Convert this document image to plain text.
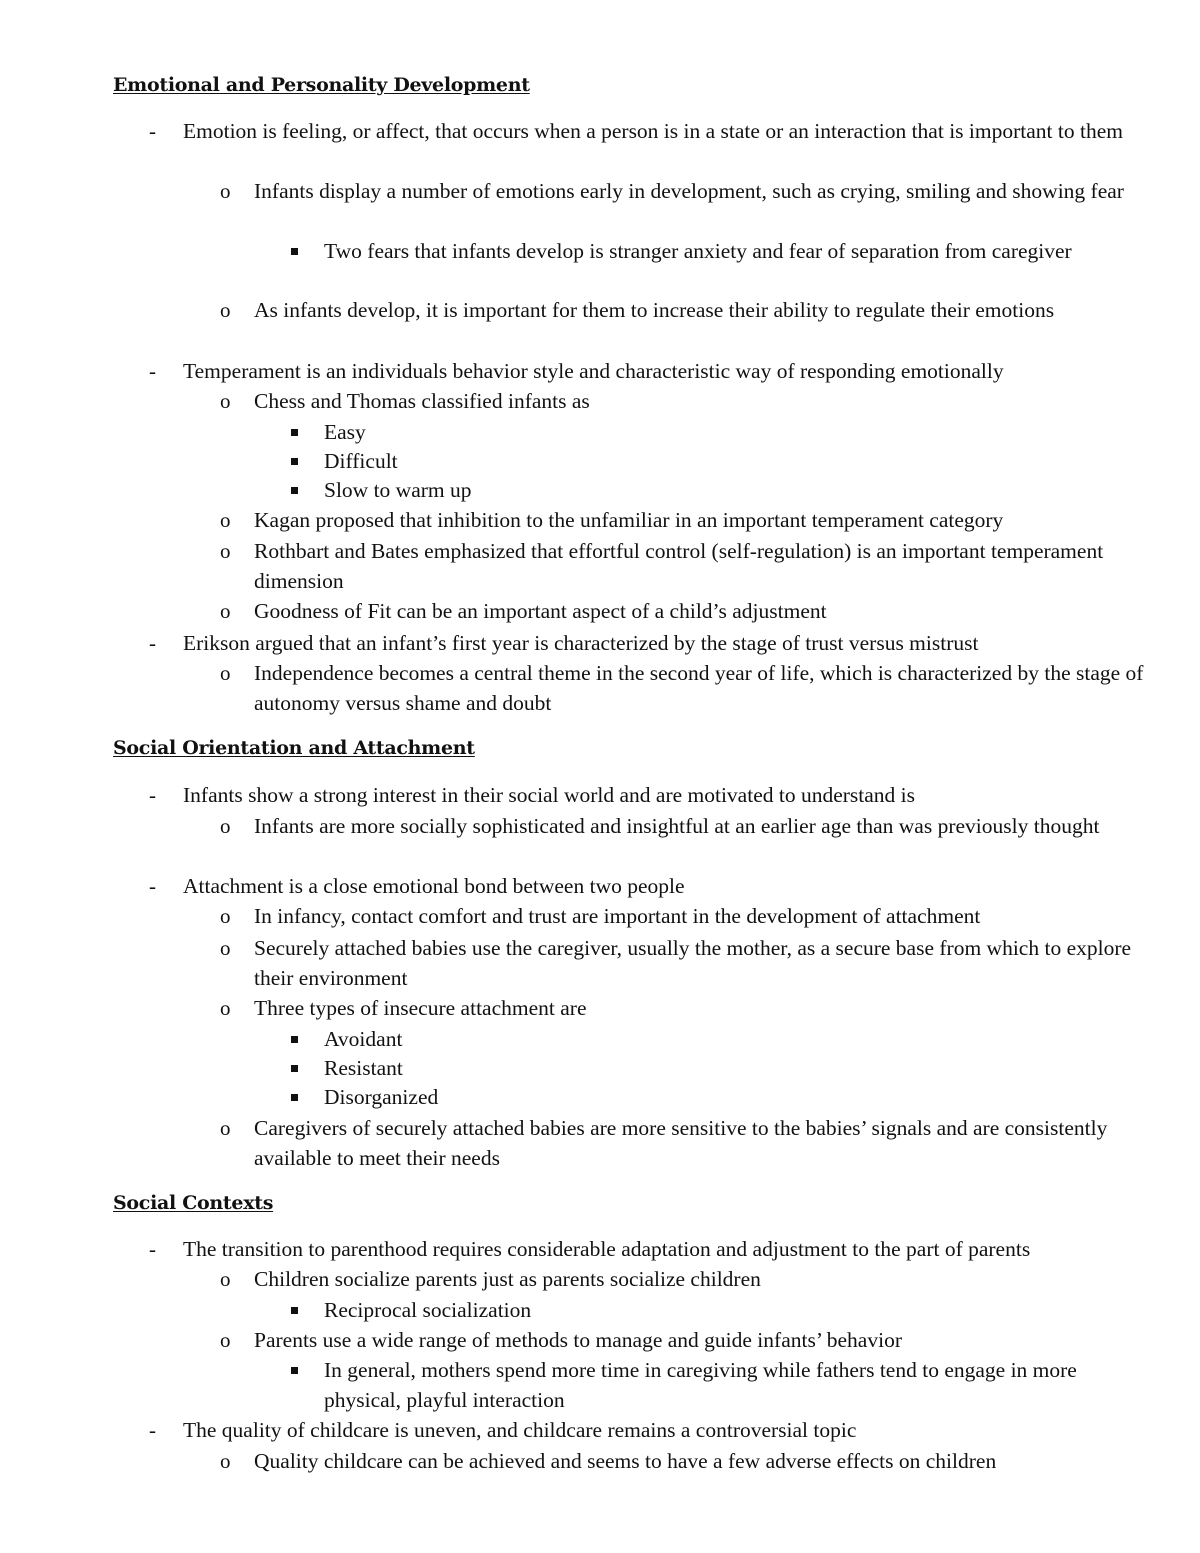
Emotional and Personality Development
- Emotion is feeling, or affect, that occurs when a person is in a state or an interaction that is important to them
o Infants display a number of emotions early in development, such as crying, smiling and showing fear
Two fears that infants develop is stranger anxiety and fear of separation from caregiver
o As infants develop, it is important for them to increase their ability to regulate their emotions
- Temperament is an individuals behavior style and characteristic way of responding emotionally
o Chess and Thomas classified infants as
Easy
Difficult
Slow to warm up
o Kagan proposed that inhibition to the unfamiliar in an important temperament category
o Rothbart and Bates emphasized that effortful control (self-regulation) is an important temperament dimension
o Goodness of Fit can be an important aspect of a child’s adjustment
- Erikson argued that an infant’s first year is characterized by the stage of trust versus mistrust
o Independence becomes a central theme in the second year of life, which is characterized by the stage of autonomy versus shame and doubt
Social Orientation and Attachment
- Infants show a strong interest in their social world and are motivated to understand is
o Infants are more socially sophisticated and insightful at an earlier age than was previously thought
- Attachment is a close emotional bond between two people
o In infancy, contact comfort and trust are important in the development of attachment
o Securely attached babies use the caregiver, usually the mother, as a secure base from which to explore their environment
o Three types of insecure attachment are
Avoidant
Resistant
Disorganized
o Caregivers of securely attached babies are more sensitive to the babies’ signals and are consistently available to meet their needs
Social Contexts
- The transition to parenthood requires considerable adaptation and adjustment to the part of parents
o Children socialize parents just as parents socialize children
Reciprocal socialization
o Parents use a wide range of methods to manage and guide infants’ behavior
In general, mothers spend more time in caregiving while fathers tend to engage in more physical, playful interaction
- The quality of childcare is uneven, and childcare remains a controversial topic
o Quality childcare can be achieved and seems to have a few adverse effects on children
